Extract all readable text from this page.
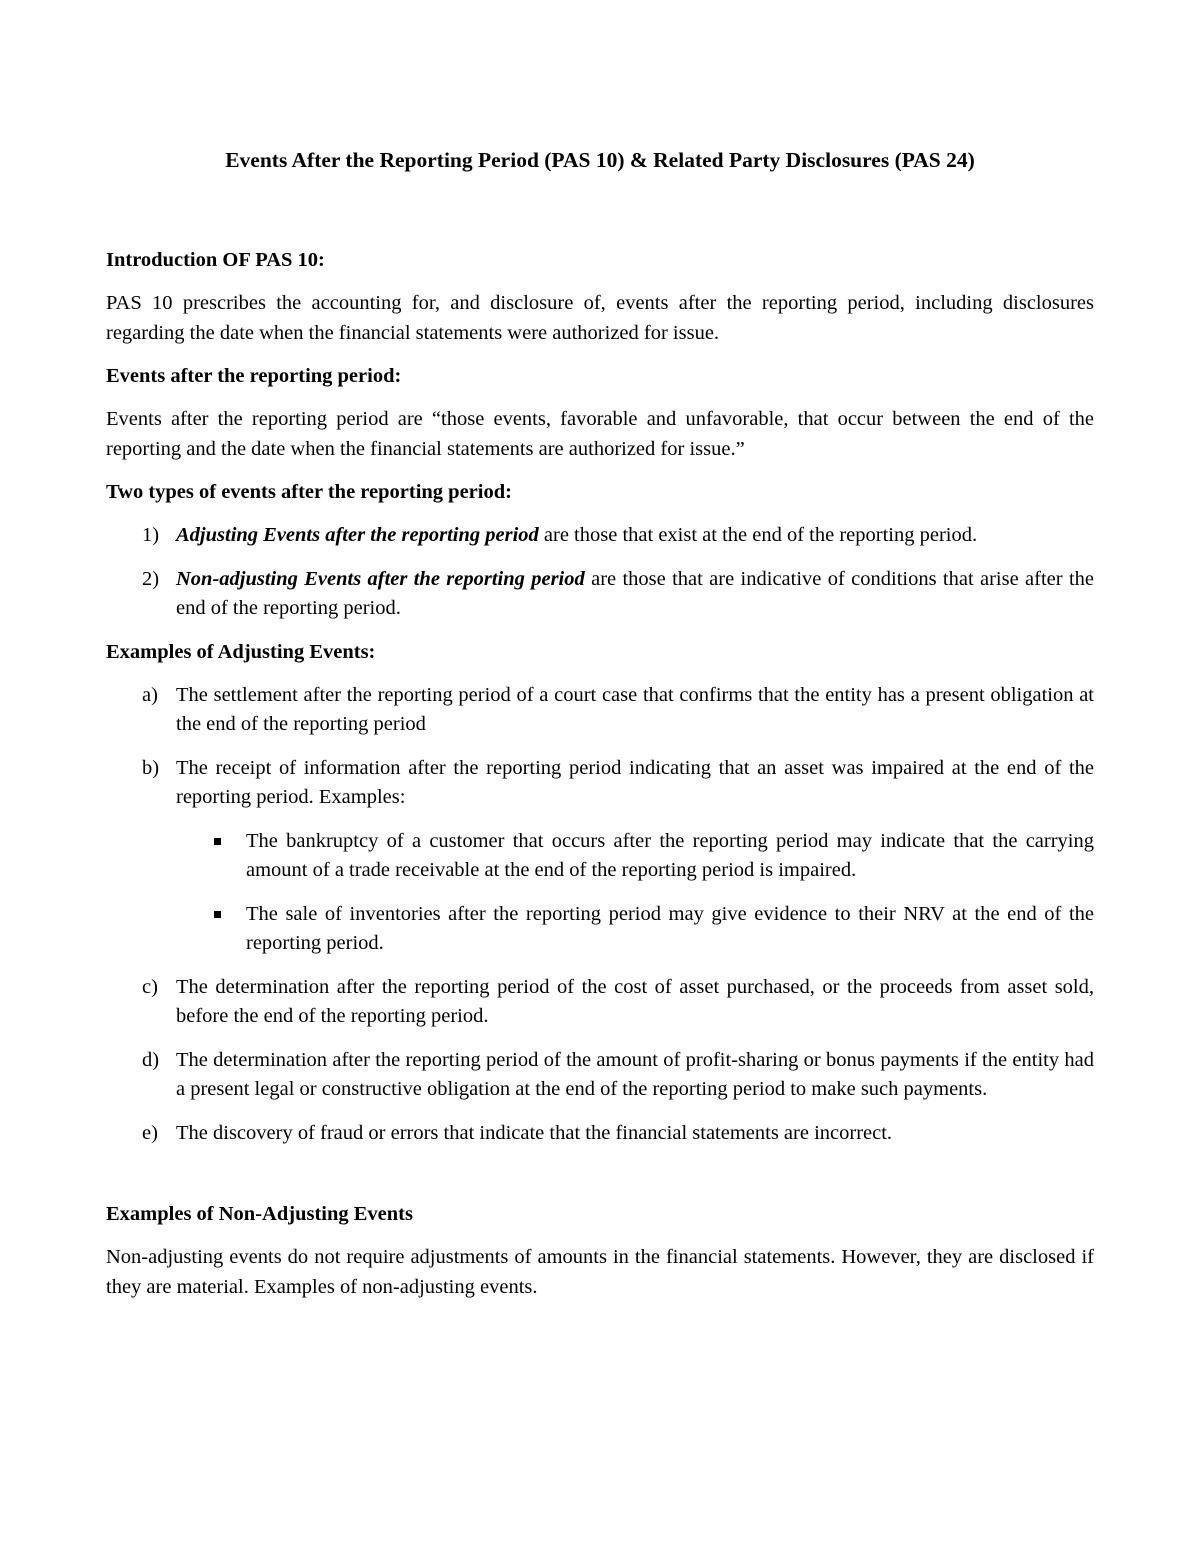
Events After the Reporting Period (PAS 10) & Related Party Disclosures (PAS 24)
Introduction OF PAS 10:

PAS 10 prescribes the accounting for, and disclosure of, events after the reporting period, including disclosures regarding the date when the financial statements were authorized for issue.

Events after the reporting period:

Events after the reporting period are “those events, favorable and unfavorable, that occur between the end of the reporting and the date when the financial statements are authorized for issue.”

Two types of events after the reporting period:
1) Adjusting Events after the reporting period are those that exist at the end of the reporting period.
2) Non-adjusting Events after the reporting period are those that are indicative of conditions that arise after the end of the reporting period.
Examples of Adjusting Events:
a) The settlement after the reporting period of a court case that confirms that the entity has a present obligation at the end of the reporting period
b) The receipt of information after the reporting period indicating that an asset was impaired at the end of the reporting period. Examples:
The bankruptcy of a customer that occurs after the reporting period may indicate that the carrying amount of a trade receivable at the end of the reporting period is impaired.
The sale of inventories after the reporting period may give evidence to their NRV at the end of the reporting period.
c) The determination after the reporting period of the cost of asset purchased, or the proceeds from asset sold, before the end of the reporting period.
d) The determination after the reporting period of the amount of profit-sharing or bonus payments if the entity had a present legal or constructive obligation at the end of the reporting period to make such payments.
e) The discovery of fraud or errors that indicate that the financial statements are incorrect.
Examples of Non-Adjusting Events

Non-adjusting events do not require adjustments of amounts in the financial statements. However, they are disclosed if they are material. Examples of non-adjusting events.
